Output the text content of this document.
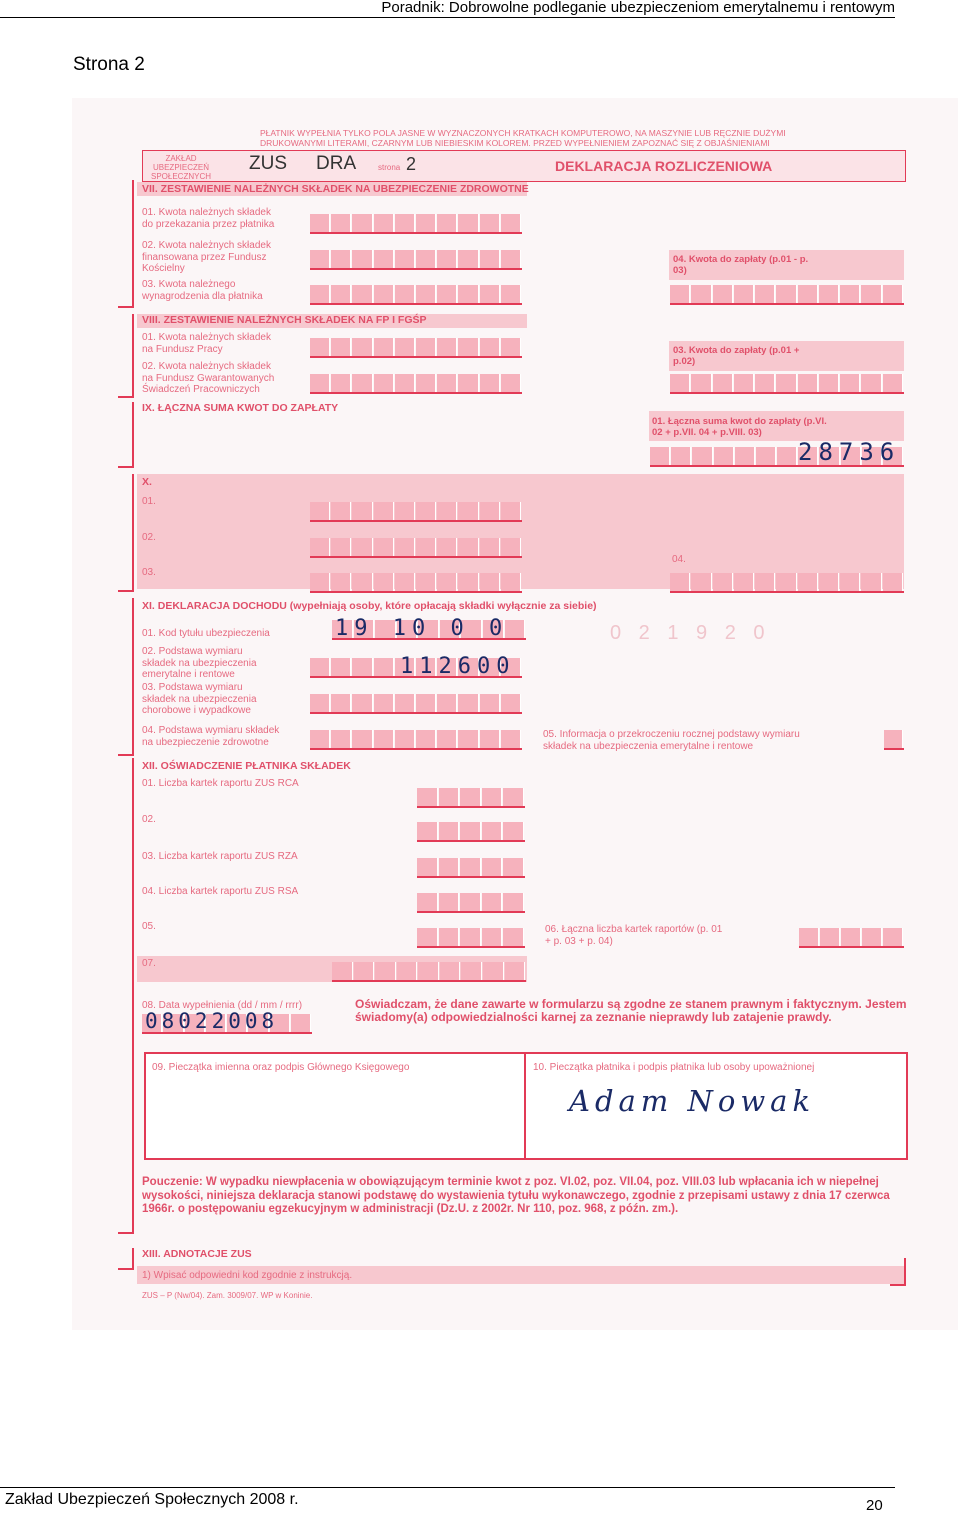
Poradnik: Dobrowolne podleganie ubezpieczeniom emerytalnemu i rentowym
Strona 2
PŁATNIK WYPEŁNIA TYLKO POLA JASNE W WYZNACZONYCH KRATKACH KOMPUTEROWO, NA MASZYNIE LUB RĘCZNIE DUŻYMI DRUKOWANYMI LITERAMI, CZARNYM LUB NIEBIESKIM KOLOREM. PRZED WYPEŁNIENIEM ZAPOZNAĆ SIĘ Z OBJAŚNIENIAMI
ZAKŁAD UBEZPIECZEŃ SPOŁECZNYCH
ZUS DRA	strona 2	DEKLARACJA ROZLICZENIOWA
VII. ZESTAWIENIE NALEŻNYCH SKŁADEK NA UBEZPIECZENIE ZDROWOTNE
01. Kwota należnych składek do przekazania przez płatnika
02. Kwota należnych składek finansowana przez Fundusz Kościelny
03. Kwota należnego wynagrodzenia dla płatnika
04. Kwota do zapłaty (p.01 - p. 03)
VIII. ZESTAWIENIE NALEŻNYCH SKŁADEK NA FP I FGŚP
01. Kwota należnych składek na Fundusz Pracy
02. Kwota należnych składek na Fundusz Gwarantowanych Świadczeń Pracowniczych
03. Kwota do zapłaty (p.01 + p.02)
IX. ŁĄCZNA SUMA KWOT DO ZAPŁATY
01. Łączna suma kwot do zapłaty (p.VI. 02 + p.VII. 04 + p.VIII. 03)
28736
X.
01.
02.
03.
04.
XI. DEKLARACJA DOCHODU (wypełniają osoby, które opłacają składki wyłącznie za siebie)
01. Kod tytułu ubezpieczenia	19 10 0 0	0 2 1 9 2 0
02. Podstawa wymiaru składek na ubezpieczenia emerytalne i rentowe	112600
03. Podstawa wymiaru składek na ubezpieczenia chorobowe i wypadkowe
04. Podstawa wymiaru składek na ubezpieczenie zdrowotne
05. Informacja o przekroczeniu rocznej podstawy wymiaru składek na ubezpieczenia emerytalne i rentowe
XII. OŚWIADCZENIE PŁATNIKA SKŁADEK
01. Liczba kartek raportu ZUS RCA
02.
03. Liczba kartek raportu ZUS RZA
04. Liczba kartek raportu ZUS RSA
05.	06. Łączna liczba kartek raportów (p. 01 + p. 03 + p. 04)
07.
08. Data wypełnienia (dd / mm / rrrr)
08022008
Oświadczam, że dane zawarte w formularzu są zgodne ze stanem prawnym i faktycznym. Jestem świadomy(a) odpowiedzialności karnej za zeznanie nieprawdy lub zatajenie prawdy.
09. Pieczątka imienna oraz podpis Głównego Księgowego	10. Pieczątka płatnika i podpis płatnika lub osoby upoważnionej
Adam Nowak
Pouczenie: W wypadku niewpłacenia w obowiązującym terminie kwot z poz. VI.02, poz. VII.04, poz. VIII.03 lub wpłacania ich w niepełnej wysokości, niniejsza deklaracja stanowi podstawę do wystawienia tytułu wykonawczego, zgodnie z przepisami ustawy z dnia 17 czerwca 1966r. o postępowaniu egzekucyjnym w administracji (Dz.U. z 2002r. Nr 110, poz. 968, z późn. zm.).
XIII. ADNOTACJE ZUS
1) Wpisać odpowiedni kod zgodnie z instrukcją.
ZUS – P (Nw/04). Zam. 3009/07. WP w Koninie.
Zakład Ubezpieczeń Społecznych 2008 r.	20
